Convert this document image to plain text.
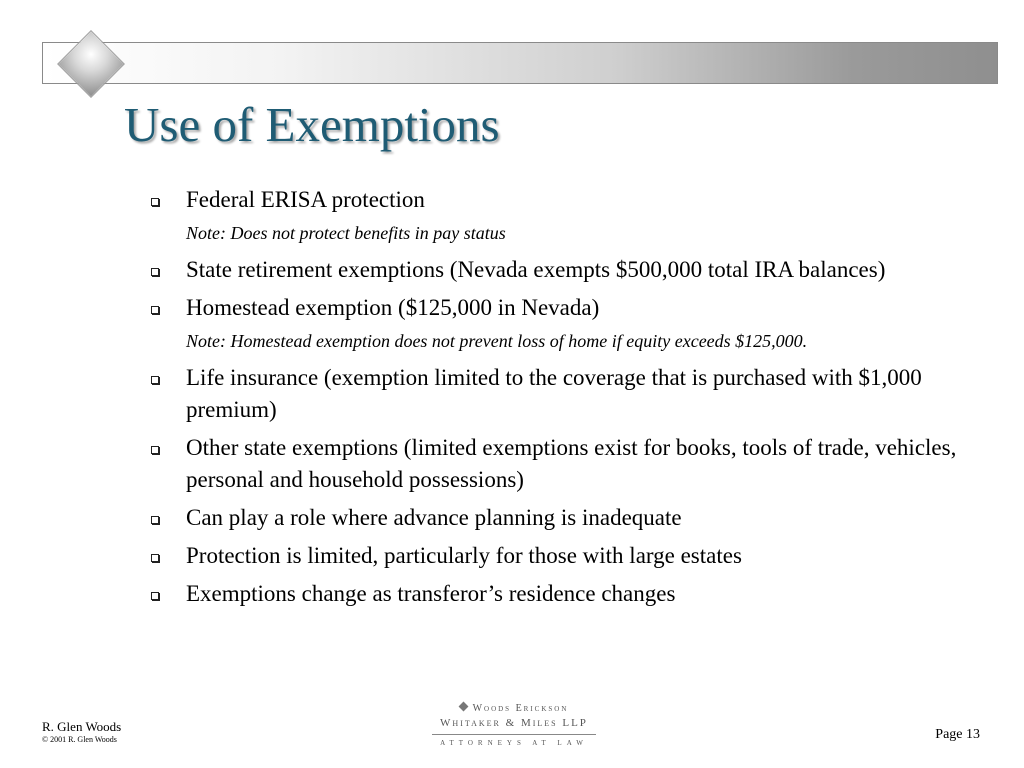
Use of Exemptions
Federal ERISA protection
Note: Does not protect benefits in pay status
State retirement exemptions (Nevada exempts $500,000 total IRA balances)
Homestead exemption ($125,000 in Nevada)
Note: Homestead exemption does not prevent loss of home if equity exceeds $125,000.
Life insurance (exemption limited to the coverage that is purchased with $1,000 premium)
Other state exemptions (limited exemptions exist for books, tools of trade, vehicles, personal and household possessions)
Can play a role where advance planning is inadequate
Protection is limited, particularly for those with large estates
Exemptions change as transferor’s residence changes
R. Glen Woods
© 2001 R. Glen Woods
Woods Erickson
Whitaker & Miles LLP
ATTORNEYS AT LAW
Page 13
